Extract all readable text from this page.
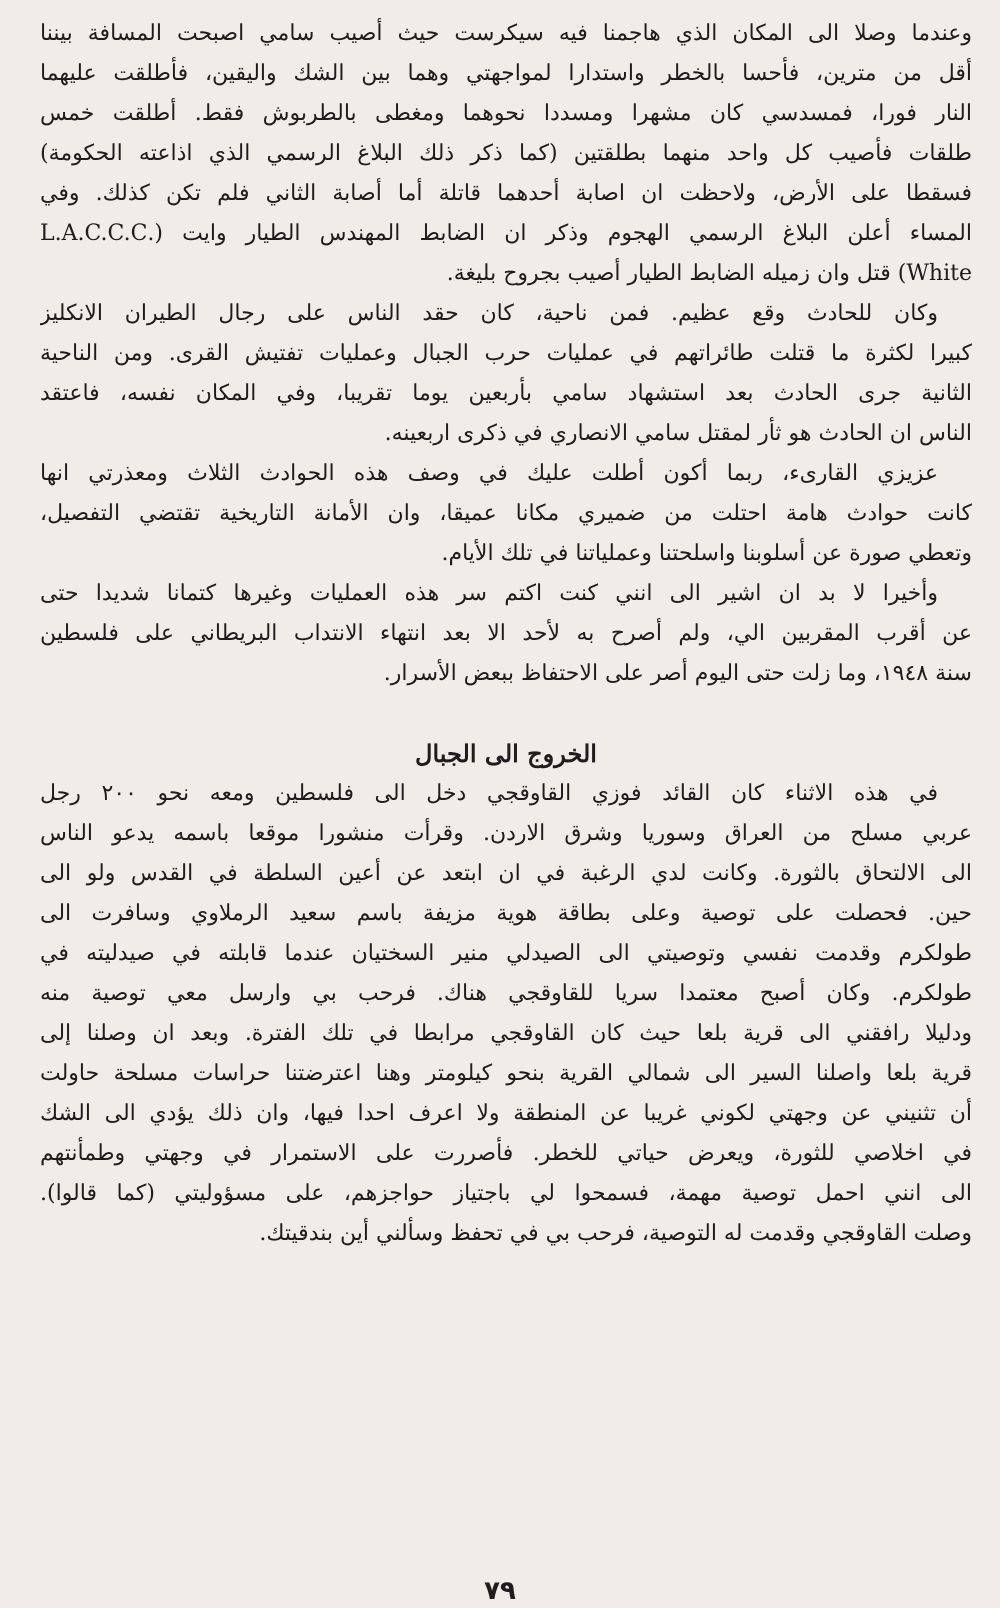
وعندما وصلا الى المكان الذي هاجمنا فيه سيكرست حيث أصيب سامي اصبحت المسافة بيننا
أقل من مترين، فأحسا بالخطر واستدارا لمواجهتي وهما بين الشك واليقين، فأطلقت عليهما
النار فورا، فمسدسي كان مشهرا ومسددا نحوهما ومغطى بالطربوش فقط. أطلقت خمس
طلقات فأصيب كل واحد منهما بطلقتين (كما ذكر ذلك البلاغ الرسمي الذي اذاعته الحكومة)
فسقطا على الأرض، ولاحظت ان اصابة أحدهما قاتلة أما أصابة الثاني فلم تكن كذلك. وفي
المساء أعلن البلاغ الرسمي الهجوم وذكر ان الضابط المهندس الطيار وايت (.L.A.C.C.C
White) قتل وان زميله الضابط الطيار أصيب بجروح بليغة.
وكان للحادث وقع عظيم. فمن ناحية، كان حقد الناس على رجال الطيران الانكليز
كبيرا لكثرة ما قتلت طائراتهم في عمليات حرب الجبال وعمليات تفتيش القرى. ومن الناحية
الثانية جرى الحادث بعد استشهاد سامي بأربعين يوما تقريبا، وفي المكان نفسه، فاعتقد
الناس ان الحادث هو ثأر لمقتل سامي الانصاري في ذكرى اربعينه.
عزيزي القارىء، ربما أكون أطلت عليك في وصف هذه الحوادث الثلاث ومعذرتي انها
كانت حوادث هامة احتلت من ضميري مكانا عميقا، وان الأمانة التاريخية تقتضي التفصيل،
وتعطي صورة عن أسلوبنا واسلحتنا وعملياتنا في تلك الأيام.
وأخيرا لا بد ان اشير الى انني كنت اكتم سر هذه العمليات وغيرها كتمانا شديدا حتى
عن أقرب المقربين الي، ولم أصرح به لأحد الا بعد انتهاء الانتداب البريطاني على فلسطين
سنة ١٩٤٨، وما زلت حتى اليوم أصر على الاحتفاظ ببعض الأسرار.
الخروج الى الجبال
في هذه الاثناء كان القائد فوزي القاوقجي دخل الى فلسطين ومعه نحو ٢٠٠ رجل
عربي مسلح من العراق وسوريا وشرق الاردن. وقرأت منشورا موقعا باسمه يدعو الناس
الى الالتحاق بالثورة. وكانت لدي الرغبة في ان ابتعد عن أعين السلطة في القدس ولو الى
حين. فحصلت على توصية وعلى بطاقة هوية مزيفة باسم سعيد الرملاوي وسافرت الى
طولكرم وقدمت نفسي وتوصيتي الى الصيدلي منير السختيان عندما قابلته في صيدليته في
طولكرم. وكان أصبح معتمدا سريا للقاوقجي هناك. فرحب بي وارسل معي توصية منه
ودليلا رافقني الى قرية بلعا حيث كان القاوقجي مرابطا في تلك الفترة. وبعد ان وصلنا إلى
قرية بلعا واصلنا السير الى شمالي القرية بنحو كيلومتر وهنا اعترضتنا حراسات مسلحة حاولت
أن تثنيني عن وجهتي لكوني غريبا عن المنطقة ولا اعرف احدا فيها، وان ذلك يؤدي الى الشك
في اخلاصي للثورة، ويعرض حياتي للخطر. فأصررت على الاستمرار في وجهتي وطمأنتهم
الى انني احمل توصية مهمة، فسمحوا لي باجتياز حواجزهم، على مسؤوليتي (كما قالوا).
وصلت القاوقجي وقدمت له التوصية، فرحب بي في تحفظ وسألني أين بندقيتك.
٧٩
